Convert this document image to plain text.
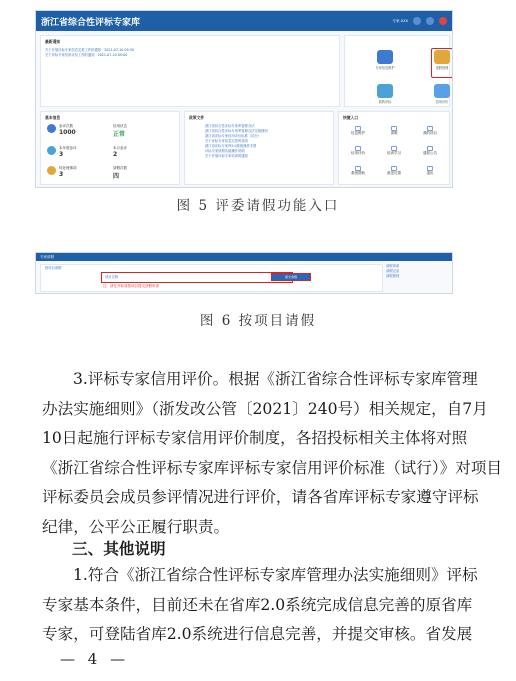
浙江省综合性评标专家库	专家-XXX
最新通知
关于开展评标专家信息完善工作的通知 · 2021-07-10 09:30
关于评标专家信用评价工作的通知 · 2021-07-10 09:00
专家信息维护	请假管理
我的评标	信用评价
基本信息
参评次数
1000
信用状态
正常
本年度参评
3
本月参评
2
待处理事项
3
请假次数
四
政策文件
浙江省综合性评标专家库管理办法
浙江省综合性评标专家库管理办法实施细则
浙江省评标专家信用评价标准（试行）
关于评标专家信息完善的说明
浙江省评标专家库2.0系统操作手册
评标专家请假功能操作说明
关于开展评标专家培训的通知
快捷入口
信息维护	请假	我的项目
信用评价	培训学习	通知公告
系统帮助	意见反馈	退出
图 5 评委请假功能入口
专家请假
按项目请假
项目名称	提交请假
注：请在开标前按项目提交请假申请
请假申请
请假记录
请假规则
图 6 按项目请假
3.评标专家信用评价。根据《浙江省综合性评标专家库管理
办法实施细则》（浙发改公管〔2021〕240号）相关规定，自7月
10日起施行评标专家信用评价制度，各招投标相关主体将对照
《浙江省综合性评标专家库评标专家信用评价标准（试行）》对项目
评标委员会成员参评情况进行评价，请各省库评标专家遵守评标
纪律，公平公正履行职责。
三、其他说明
1.符合《浙江省综合性评标专家库管理办法实施细则》评标
专家基本条件，目前还未在省库2.0系统完成信息完善的原省库
专家，可登陆省库2.0系统进行信息完善，并提交审核。省发展
— 4 —
